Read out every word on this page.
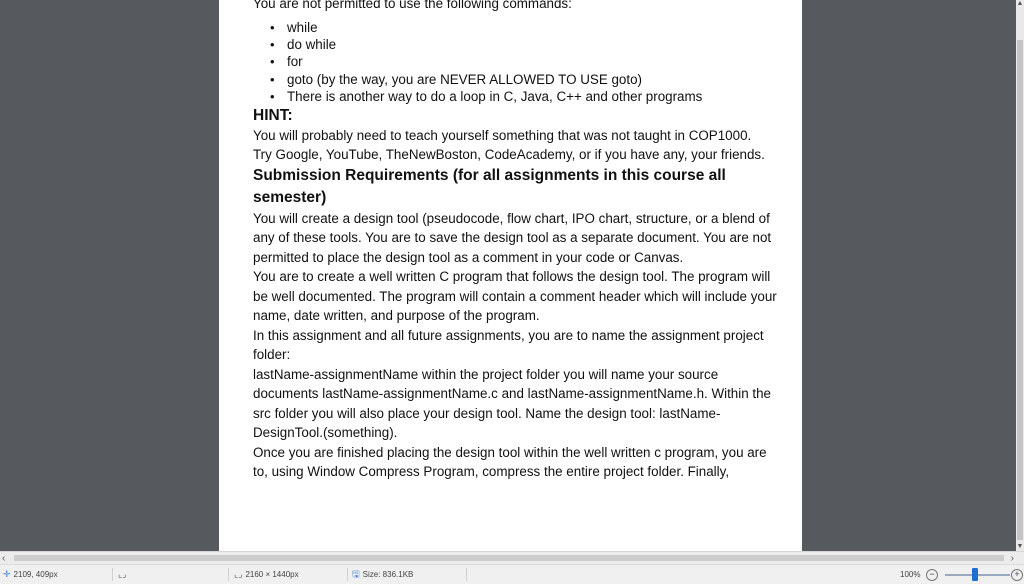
You are not permitted to use the following commands:

• while
• do while
• for
• goto (by the way, you are NEVER ALLOWED TO USE goto)
• There is another way to do a loop in C, Java, C++ and other programs

HINT:

You will probably need to teach yourself something that was not taught in COP1000.

Try Google, YouTube, TheNewBoston, CodeAcademy, or if you have any, your friends.

Submission Requirements (for all assignments in this course all semester)

You will create a design tool (pseudocode, flow chart, IPO chart, structure, or a blend of any of these tools. You are to save the design tool as a separate document. You are not permitted to place the design tool as a comment in your code or Canvas.

You are to create a well written C program that follows the design tool. The program will be well documented. The program will contain a comment header which will include your name, date written, and purpose of the program.

In this assignment and all future assignments, you are to name the assignment project folder:

lastName-assignmentName within the project folder you will name your source documents lastName-assignmentName.c and lastName-assignmentName.h. Within the src folder you will also place your design tool. Name the design tool: lastName-DesignTool.(something).

Once you are finished placing the design tool within the well written c program, you are to, using Window Compress Program, compress the entire project folder. Finally,

▲
▼
‹	›
✛ 2109, 409px	⌞⌟	⌞⌟ 2160 × 1440px	🖫 Size: 836.1KB	100% −	+
